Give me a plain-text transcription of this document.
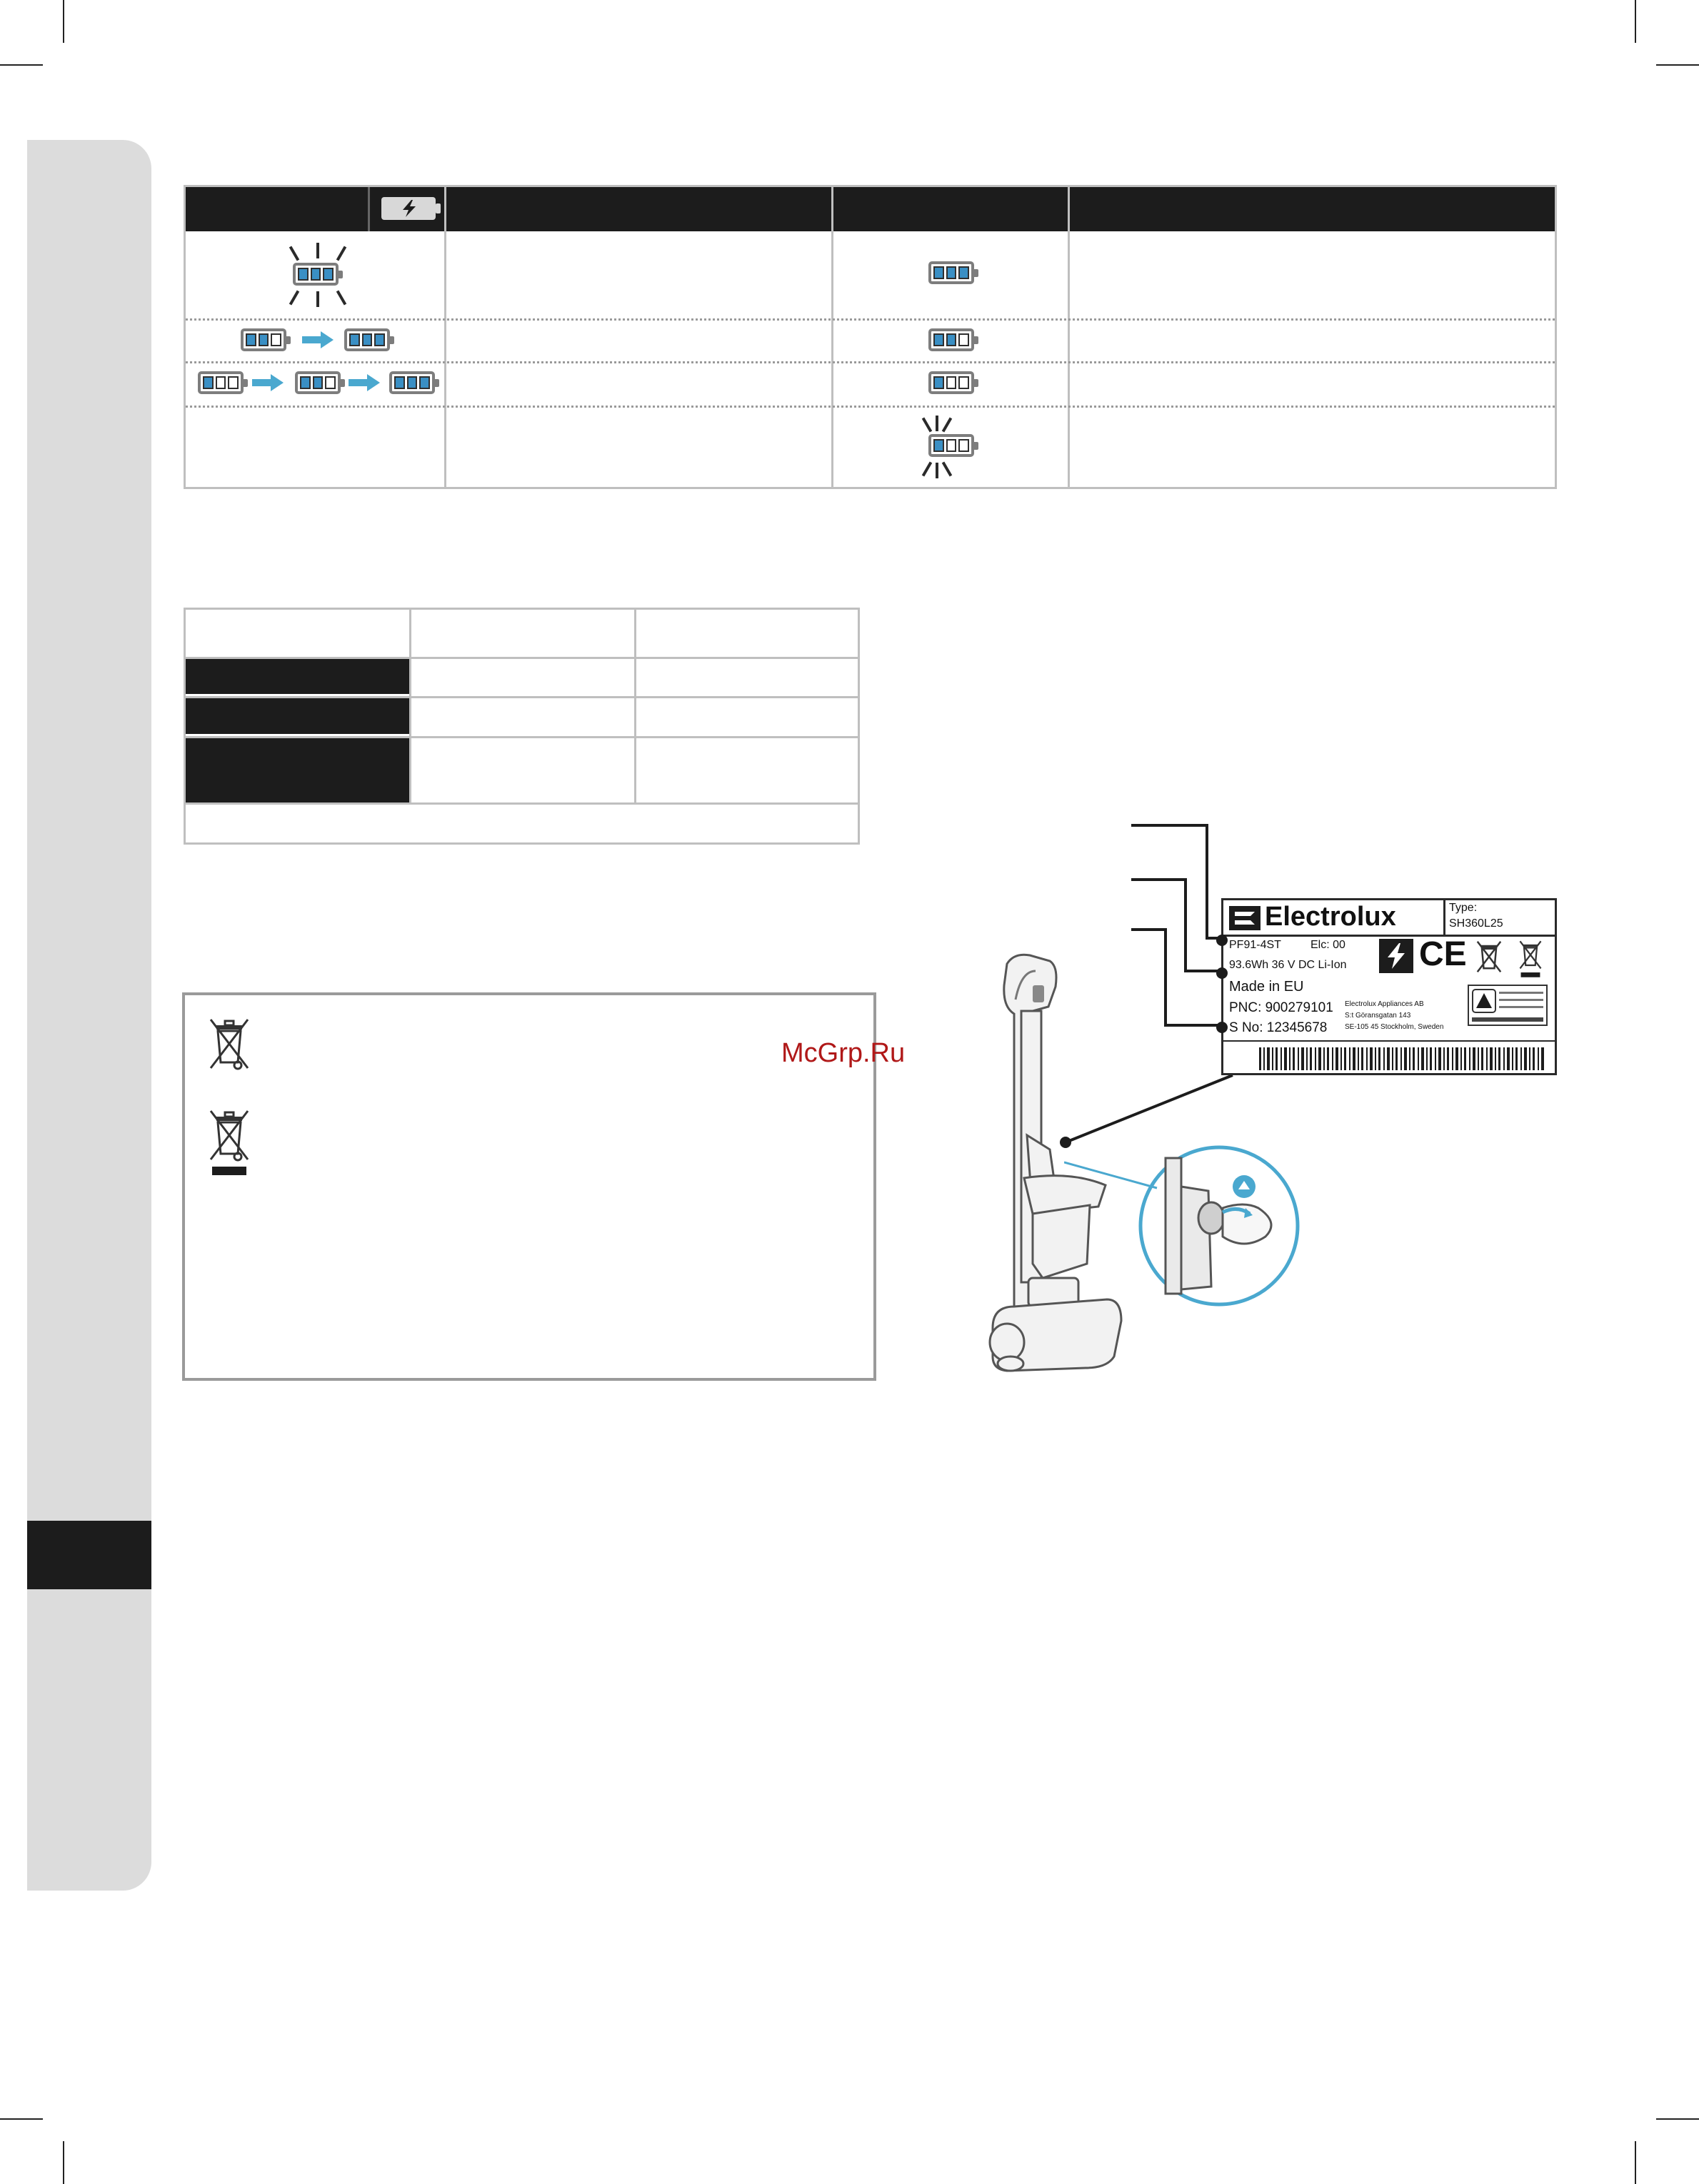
McGrp.Ru
Electrolux	Type:
SH360L25
PF91-4ST	Elc: 00
93.6Wh 36 V DC Li-Ion
Made in EU
PNC: 900279101
S No: 12345678
Electrolux Appliances AB
S:t Göransgatan 143
SE-105 45 Stockholm, Sweden
CE
